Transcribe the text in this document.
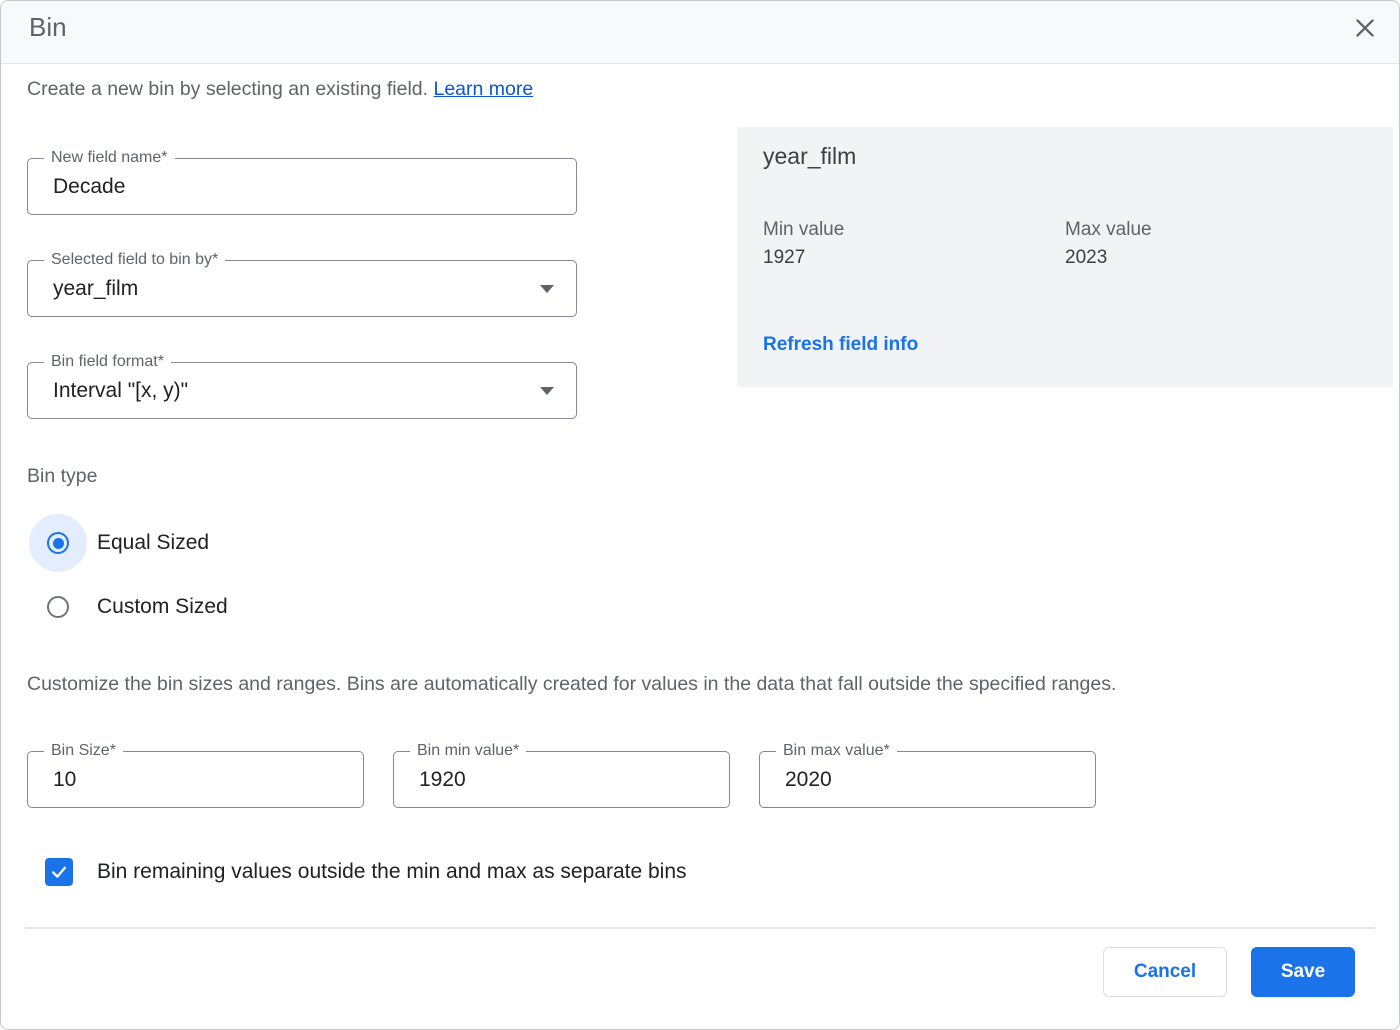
Bin
Create a new bin by selecting an existing field. Learn more
New field name*
Decade
Selected field to bin by*
year_film
Bin field format*
Interval "[x, y)"
year_film
Min value
1927
Max value
2023
Refresh field info
Bin type
Equal Sized
Custom Sized
Customize the bin sizes and ranges. Bins are automatically created for values in the data that fall outside the specified ranges.
Bin Size*
10	Bin min value*
1920	Bin max value*
2020
Bin remaining values outside the min and max as separate bins
Cancel	Save
